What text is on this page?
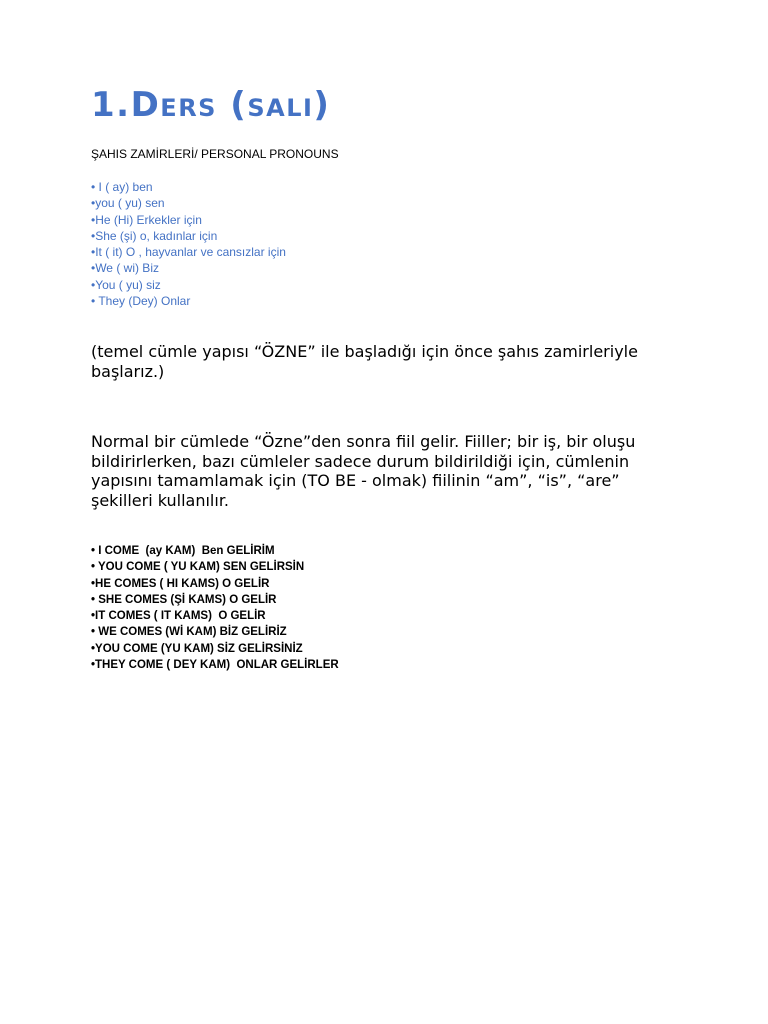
1.Ders (salı)
ŞAHIS ZAMİRLERİ/ PERSONAL PRONOUNS
• I ( ay) ben
•you ( yu) sen
•He (Hi) Erkekler için
•She (şi) o, kadınlar için
•It ( it) O , hayvanlar ve cansızlar için
•We ( wi) Biz
•You ( yu) siz
• They (Dey) Onlar

(temel cümle yapısı “ÖZNE” ile başladığı için önce şahıs zamirleriyle başlarız.)

Normal bir cümlede “Özne”den sonra fiil gelir. Fiiller; bir iş, bir oluşu bildirirlerken, bazı cümleler sadece durum bildirildiği için, cümlenin yapısını tamamlamak için (TO BE - olmak) fiilinin “am”, “is”, “are” şekilleri kullanılır.

• I COME  (ay KAM)  Ben GELİRİM
• YOU COME ( YU KAM) SEN GELİRSİN
•HE COMES ( HI KAMS) O GELİR
• SHE COMES (Şİ KAMS) O GELİR
•IT COMES ( IT KAMS)  O GELİR
• WE COMES (Wİ KAM) BİZ GELİRİZ
•YOU COME (YU KAM) SİZ GELİRSİNİZ
•THEY COME ( DEY KAM)  ONLAR GELİRLER
